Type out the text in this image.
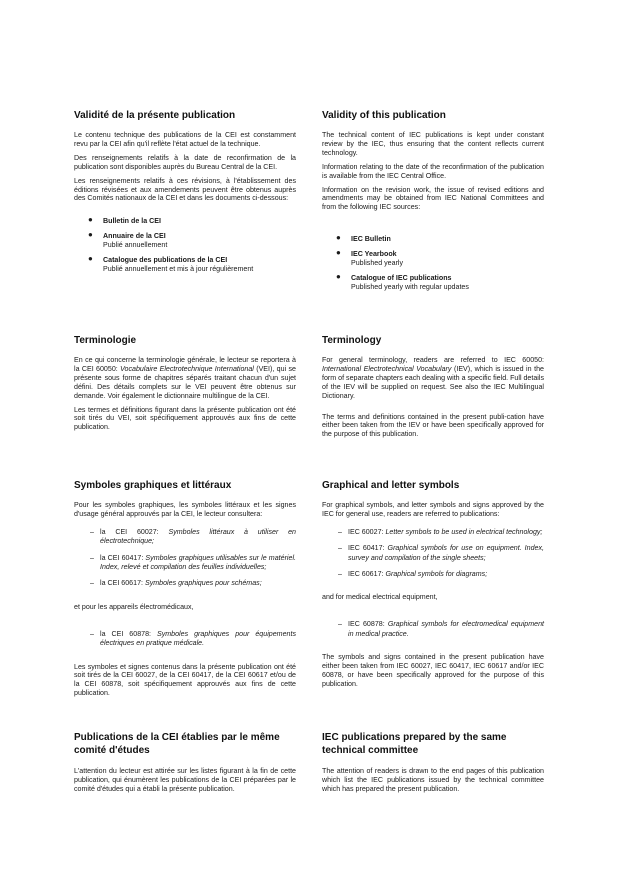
Validité de la présente publication

Le contenu technique des publications de la CEI est constamment revu par la CEI afin qu'il reflète l'état actuel de la technique.

Des renseignements relatifs à la date de reconfirmation de la publication sont disponibles auprès du Bureau Central de la CEI.

Les renseignements relatifs à ces révisions, à l'établissement des éditions révisées et aux amendements peuvent être obtenus auprès des Comités nationaux de la CEI et dans les documents ci-dessous:

● Bulletin de la CEI
● Annuaire de la CEI
Publié annuellement
● Catalogue des publications de la CEI
Publié annuellement et mis à jour régulièrement
Terminologie

En ce qui concerne la terminologie générale, le lecteur se reportera à la CEI 60050: Vocabulaire Electrotechnique International (VEI), qui se présente sous forme de chapitres séparés traitant chacun d'un sujet défini. Des détails complets sur le VEI peuvent être obtenus sur demande. Voir également le dictionnaire multilingue de la CEI.

Les termes et définitions figurant dans la présente publication ont été soit tirés du VEI, soit spécifiquement approuvés aux fins de cette publication.

Symboles graphiques et littéraux

Pour les symboles graphiques, les symboles littéraux et les signes d'usage général approuvés par la CEI, le lecteur consultera:

– la CEI 60027: Symboles littéraux à utiliser en électrotechnique;

– la CEI 60417: Symboles graphiques utilisables sur le matériel. Index, relevé et compilation des feuilles individuelles;

– la CEI 60617: Symboles graphiques pour schémas;

et pour les appareils électromédicaux,

– la CEI 60878: Symboles graphiques pour équipements électriques en pratique médicale.

Les symboles et signes contenus dans la présente publication ont été soit tirés de la CEI 60027, de la CEI 60417, de la CEI 60617 et/ou de la CEI 60878, soit spécifiquement approuvés aux fins de cette publication.

Publications de la CEI établies par le même comité d'études

L'attention du lecteur est attirée sur les listes figurant à la fin de cette publication, qui énumèrent les publications de la CEI préparées par le comité d'études qui a établi la présente publication.

Validity of this publication

The technical content of IEC publications is kept under constant review by the IEC, thus ensuring that the content reflects current technology.

Information relating to the date of the reconfirmation of the publication is available from the IEC Central Office.

Information on the revision work, the issue of revised editions and amendments may be obtained from IEC National Committees and from the following IEC sources:

● IEC Bulletin
● IEC Yearbook
Published yearly
● Catalogue of IEC publications
Published yearly with regular updates
Terminology

For general terminology, readers are referred to IEC 60050: International Electrotechnical Vocabulary (IEV), which is issued in the form of separate chapters each dealing with a specific field. Full details of the IEV will be supplied on request. See also the IEC Multilingual Dictionary.

The terms and definitions contained in the present publi-cation have either been taken from the IEV or have been specifically approved for the purpose of this publication.

Graphical and letter symbols

For graphical symbols, and letter symbols and signs approved by the IEC for general use, readers are referred to publications:

– IEC 60027: Letter symbols to be used in electrical technology;

– IEC 60417: Graphical symbols for use on equipment. Index, survey and compilation of the single sheets;

– IEC 60617: Graphical symbols for diagrams;

and for medical electrical equipment,

– IEC 60878: Graphical symbols for electromedical equipment in medical practice.

The symbols and signs contained in the present publication have either been taken from IEC 60027, IEC 60417, IEC 60617 and/or IEC 60878, or have been specifically approved for the purpose of this publication.

IEC publications prepared by the same technical committee

The attention of readers is drawn to the end pages of this publication which list the IEC publications issued by the technical committee which has prepared the present publication.
